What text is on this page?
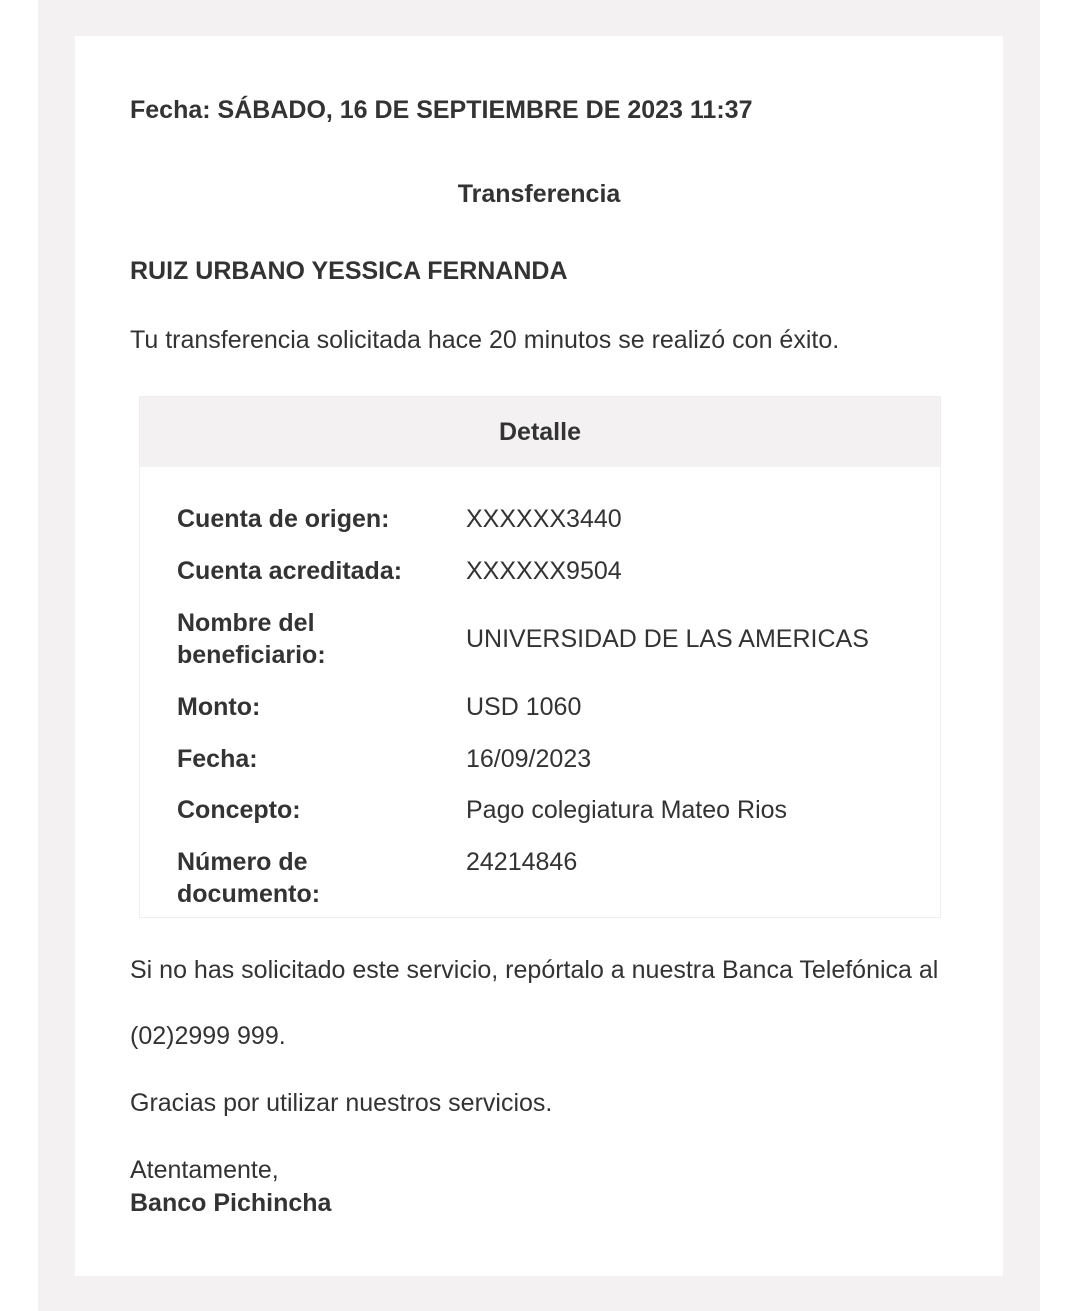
Fecha: SÁBADO, 16 DE SEPTIEMBRE DE 2023 11:37
Transferencia
RUIZ URBANO YESSICA FERNANDA
Tu transferencia solicitada hace 20 minutos se realizó con éxito.
Detalle
Cuenta de origen:	XXXXXX3440
Cuenta acreditada:	XXXXXX9504
Nombre del beneficiario:
UNIVERSIDAD DE LAS AMERICAS
Monto:	USD 1060
Fecha:	16/09/2023
Concepto:	Pago colegiatura Mateo Rios
Número de documento:
24214846
Si no has solicitado este servicio, repórtalo a nuestra Banca Telefónica al
(02)2999 999.
Gracias por utilizar nuestros servicios.
Atentamente,
Banco Pichincha
